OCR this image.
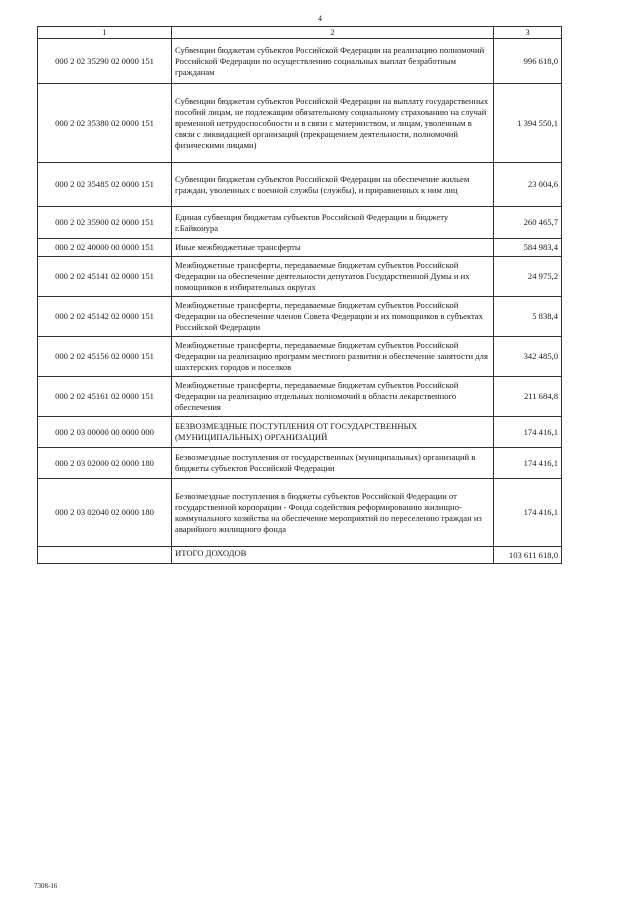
4
1	2	3
000 2 02 35290 02 0000 151	Субвенции бюджетам субъектов Российской Федерации на реализацию полномочий Российской Федерации по осуществлению социальных выплат безработным гражданам	996 618,0
000 2 02 35380 02 0000 151	Субвенции бюджетам субъектов Российской Федерации на выплату государственных пособий лицам, не подлежащим обязательному социальному страхованию на случай временной нетрудоспособности и в связи с материнством, и лицам, уволенным в связи с ликвидацией организаций (прекращением деятельности, полномочий физическими лицами)	1 394 550,1
000 2 02 35485 02 0000 151	Субвенции бюджетам субъектов Российской Федерации на обеспечение жильем граждан, уволенных с военной службы (службы), и приравненных к ним лиц	23 004,6
000 2 02 35900 02 0000 151	Единая субвенция бюджетам субъектов Российской Федерации и бюджету г.Байконура	260 465,7
000 2 02 40000 00 0000 151	Иные межбюджетные трансферты	584 983,4
000 2 02 45141 02 0000 151	Межбюджетные трансферты, передаваемые бюджетам субъектов Российской Федерации на обеспечение деятельности депутатов Государственной Думы и их помощников в избирательных округах	24 975,2
000 2 02 45142 02 0000 151	Межбюджетные трансферты, передаваемые бюджетам субъектов Российской Федерации на обеспечение членов Совета Федерации и их помощников в субъектах Российской Федерации	5 838,4
000 2 02 45156 02 0000 151	Межбюджетные трансферты, передаваемые бюджетам субъектов Российской Федерации на реализацию программ местного развития и обеспечение занятости для шахтерских городов и поселков	342 485,0
000 2 02 45161 02 0000 151	Межбюджетные трансферты, передаваемые бюджетам субъектов Российской Федерации на реализацию отдельных полномочий в области лекарственного обеспечения	211 684,8
000 2 03 00000 00 0000 000	БЕЗВОЗМЕЗДНЫЕ ПОСТУПЛЕНИЯ ОТ ГОСУДАРСТВЕННЫХ (МУНИЦИПАЛЬНЫХ) ОРГАНИЗАЦИЙ	174 416,1
000 2 03 02000 02 0000 180	Безвозмездные поступления от государственных (муниципальных) организаций в бюджеты субъектов Российской Федерации	174 416,1
000 2 03 02040 02 0000 180	Безвозмездные поступления в бюджеты субъектов Российской Федерации от государственной корпорации - Фонда содействия реформированию жилищно-коммунального хозяйства на обеспечение мероприятий по переселению граждан из аварийного жилищного фонда	174 416,1
	ИТОГО ДОХОДОВ	103 611 618,0
7308-16
